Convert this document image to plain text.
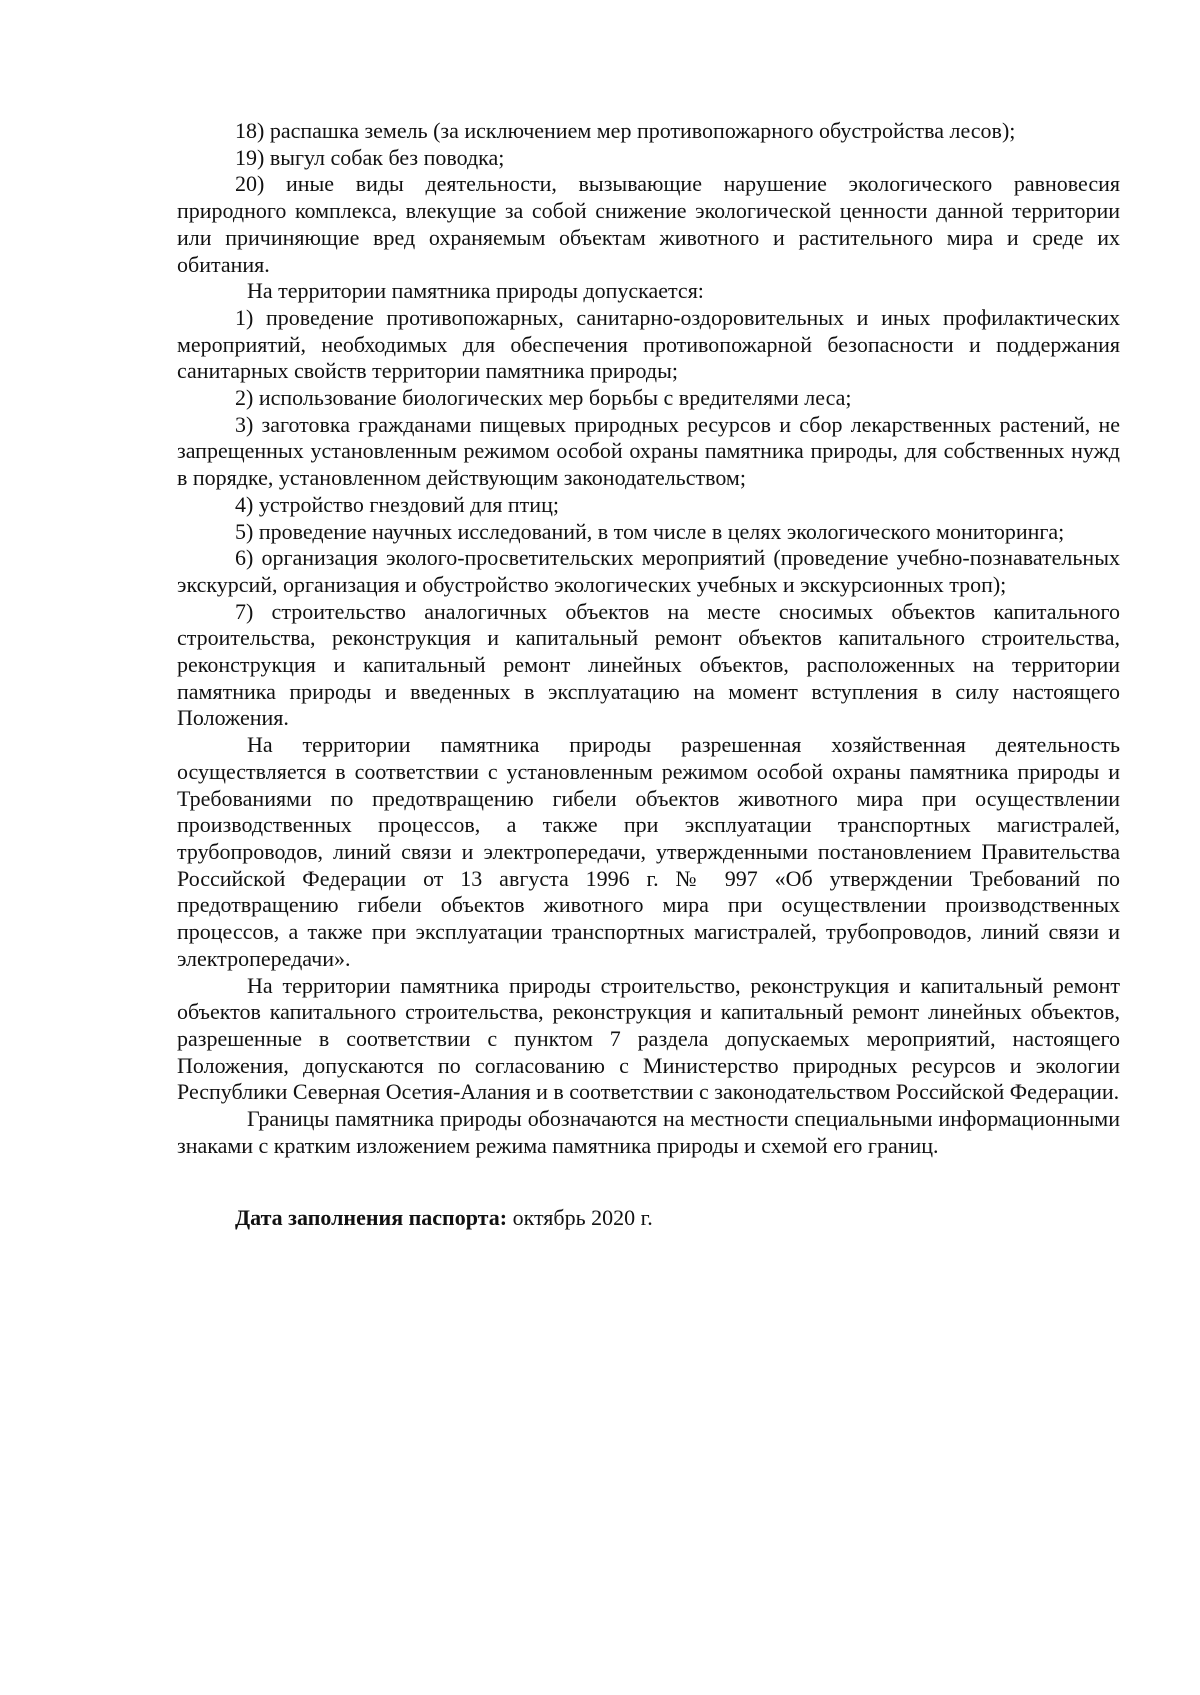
18) распашка земель (за исключением мер противопожарного обустройства лесов);

19) выгул собак без поводка;

20) иные виды деятельности, вызывающие нарушение экологического равновесия природного комплекса, влекущие за собой снижение экологической ценности данной территории или причиняющие вред охраняемым объектам животного и растительного мира и среде их обитания.

На территории памятника природы допускается:

1) проведение противопожарных, санитарно-оздоровительных и иных профилактических мероприятий, необходимых для обеспечения противопожарной безопасности и поддержания санитарных свойств территории памятника природы;

2) использование биологических мер борьбы с вредителями леса;

3) заготовка гражданами пищевых природных ресурсов и сбор лекарственных растений, не запрещенных установленным режимом особой охраны памятника природы, для собственных нужд в порядке, установленном действующим законодательством;

4) устройство гнездовий для птиц;

5) проведение научных исследований, в том числе в целях экологического мониторинга;

6) организация эколого-просветительских мероприятий (проведение учебно-познавательных экскурсий, организация и обустройство экологических учебных и экскурсионных троп);

7) строительство аналогичных объектов на месте сносимых объектов капитального строительства, реконструкция и капитальный ремонт объектов капитального строительства, реконструкция и капитальный ремонт линейных объектов, расположенных на территории памятника природы и введенных в эксплуатацию на момент вступления в силу настоящего Положения.

На территории памятника природы разрешенная хозяйственная деятельность осуществляется в соответствии с установленным режимом особой охраны памятника природы и Требованиями по предотвращению гибели объектов животного мира при осуществлении производственных процессов, а также при эксплуатации транспортных магистралей, трубопроводов, линий связи и электропередачи, утвержденными постановлением Правительства Российской Федерации от 13 августа 1996 г. № 997 «Об утверждении Требований по предотвращению гибели объектов животного мира при осуществлении производственных процессов, а также при эксплуатации транспортных магистралей, трубопроводов, линий связи и электропередачи».

На территории памятника природы строительство, реконструкция и капитальный ремонт объектов капитального строительства, реконструкция и капитальный ремонт линейных объектов, разрешенные в соответствии с пунктом 7 раздела допускаемых мероприятий, настоящего Положения, допускаются по согласованию с Министерство природных ресурсов и экологии Республики Северная Осетия-Алания и в соответствии с законодательством Российской Федерации.

Границы памятника природы обозначаются на местности специальными информационными знаками с кратким изложением режима памятника природы и схемой его границ.

Дата заполнения паспорта: октябрь 2020 г.
